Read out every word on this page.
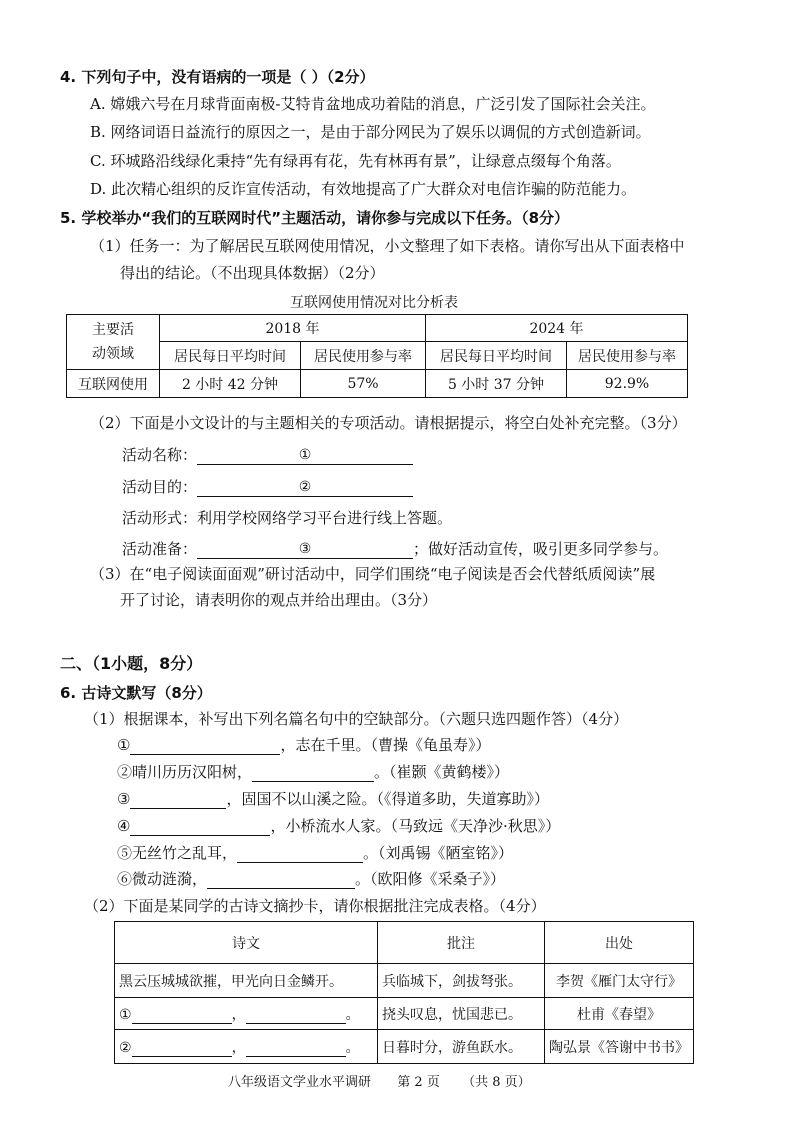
4. 下列句子中，没有语病的一项是（ ）（2分）
A. 嫦娥六号在月球背面南极-艾特肯盆地成功着陆的消息，广泛引发了国际社会关注。
B. 网络词语日益流行的原因之一，是由于部分网民为了娱乐以调侃的方式创造新词。
C. 环城路沿线绿化秉持“先有绿再有花，先有林再有景”，让绿意点缀每个角落。
D. 此次精心组织的反诈宣传活动，有效地提高了广大群众对电信诈骗的防范能力。
5. 学校举办“我们的互联网时代”主题活动，请你参与完成以下任务。（8分）
（1）任务一：为了解居民互联网使用情况，小文整理了如下表格。请你写出从下面表格中
得出的结论。（不出现具体数据）（2分）
互联网使用情况对比分析表
主要活
动领域	2018 年		2024 年	
	居民每日平均时间	居民使用参与率	居民每日平均时间	居民使用参与率
互联网使用	2 小时 42 分钟	57%	5 小时 37 分钟	92.9%
（2）下面是小文设计的与主题相关的专项活动。请根据提示，将空白处补充完整。（3分）
活动名称：	①
活动目的：	②
活动形式：利用学校网络学习平台进行线上答题。
活动准备：	③	；做好活动宣传，吸引更多同学参与。
（3）在“电子阅读面面观”研讨活动中，同学们围绕“电子阅读是否会代替纸质阅读”展
开了讨论，请表明你的观点并给出理由。（3分）
二、（1小题，8分）
6. 古诗文默写（8分）
（1）根据课本，补写出下列名篇名句中的空缺部分。（六题只选四题作答）（4分）
①	，志在千里。（曹操《龟虽寿》）
②晴川历历汉阳树，	。（崔颢《黄鹤楼》）
③	，固国不以山溪之险。（《得道多助，失道寡助》）
④	，小桥流水人家。（马致远《天净沙·秋思》）
⑤无丝竹之乱耳，	。（刘禹锡《陋室铭》）
⑥微动涟漪，	。（欧阳修《采桑子》）
（2）下面是某同学的古诗文摘抄卡，请你根据批注完成表格。（4分）
诗文	批注	出处
黑云压城城欲摧，甲光向日金鳞开。	兵临城下，剑拔弩张。	李贺《雁门太守行》
① ， 。	挠头叹息，忧国悲已。	杜甫《春望》
② ， 。	日暮时分，游鱼跃水。	陶弘景《答谢中书书》
八年级语文学业水平调研 第 2 页 （共 8 页）
